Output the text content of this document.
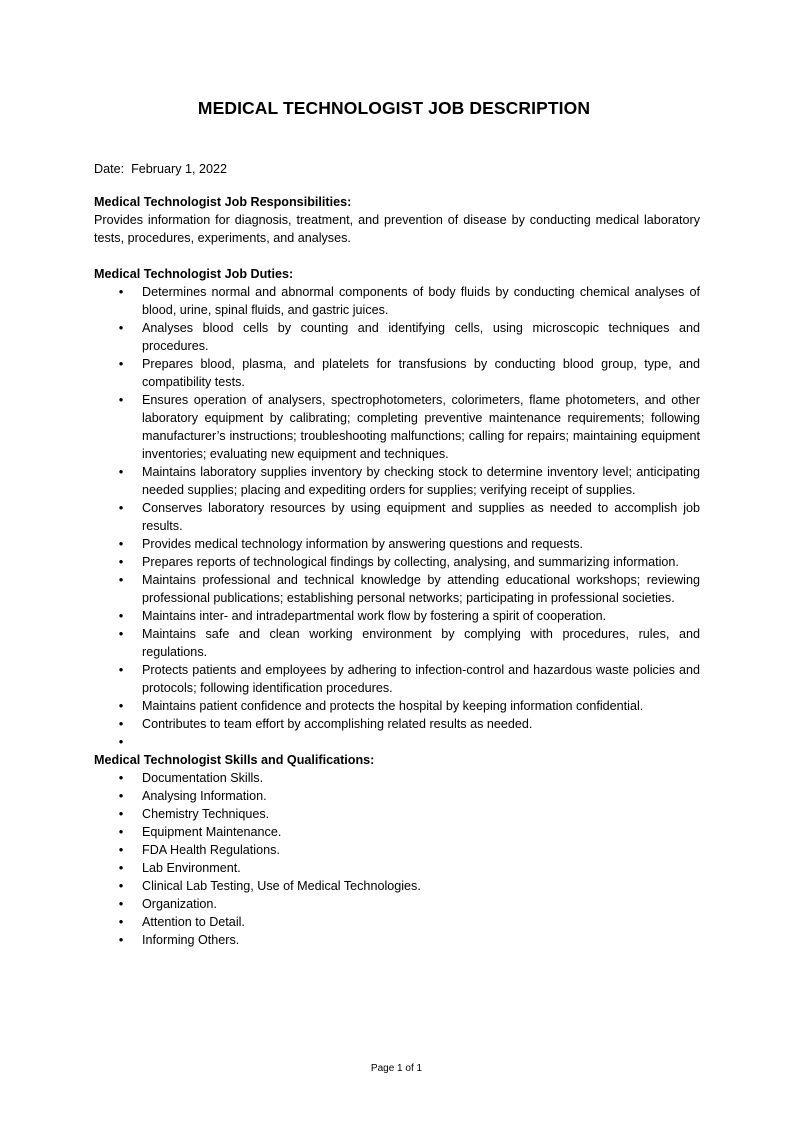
MEDICAL TECHNOLOGIST JOB DESCRIPTION
Date: February 1, 2022
Medical Technologist Job Responsibilities:
Provides information for diagnosis, treatment, and prevention of disease by conducting medical laboratory tests, procedures, experiments, and analyses.
Medical Technologist Job Duties:
• Determines normal and abnormal components of body fluids by conducting chemical analyses of blood, urine, spinal fluids, and gastric juices.
• Analyses blood cells by counting and identifying cells, using microscopic techniques and procedures.
• Prepares blood, plasma, and platelets for transfusions by conducting blood group, type, and compatibility tests.
• Ensures operation of analysers, spectrophotometers, colorimeters, flame photometers, and other laboratory equipment by calibrating; completing preventive maintenance requirements; following manufacturer’s instructions; troubleshooting malfunctions; calling for repairs; maintaining equipment inventories; evaluating new equipment and techniques.
• Maintains laboratory supplies inventory by checking stock to determine inventory level; anticipating needed supplies; placing and expediting orders for supplies; verifying receipt of supplies.
• Conserves laboratory resources by using equipment and supplies as needed to accomplish job results.
• Provides medical technology information by answering questions and requests.
• Prepares reports of technological findings by collecting, analysing, and summarizing information.
• Maintains professional and technical knowledge by attending educational workshops; reviewing professional publications; establishing personal networks; participating in professional societies.
• Maintains inter- and intradepartmental work flow by fostering a spirit of cooperation.
• Maintains safe and clean working environment by complying with procedures, rules, and regulations.
• Protects patients and employees by adhering to infection-control and hazardous waste policies and protocols; following identification procedures.
• Maintains patient confidence and protects the hospital by keeping information confidential.
• Contributes to team effort by accomplishing related results as needed.
•
Medical Technologist Skills and Qualifications:
• Documentation Skills.
• Analysing Information.
• Chemistry Techniques.
• Equipment Maintenance.
• FDA Health Regulations.
• Lab Environment.
• Clinical Lab Testing, Use of Medical Technologies.
• Organization.
• Attention to Detail.
• Informing Others.
Page 1 of 1
